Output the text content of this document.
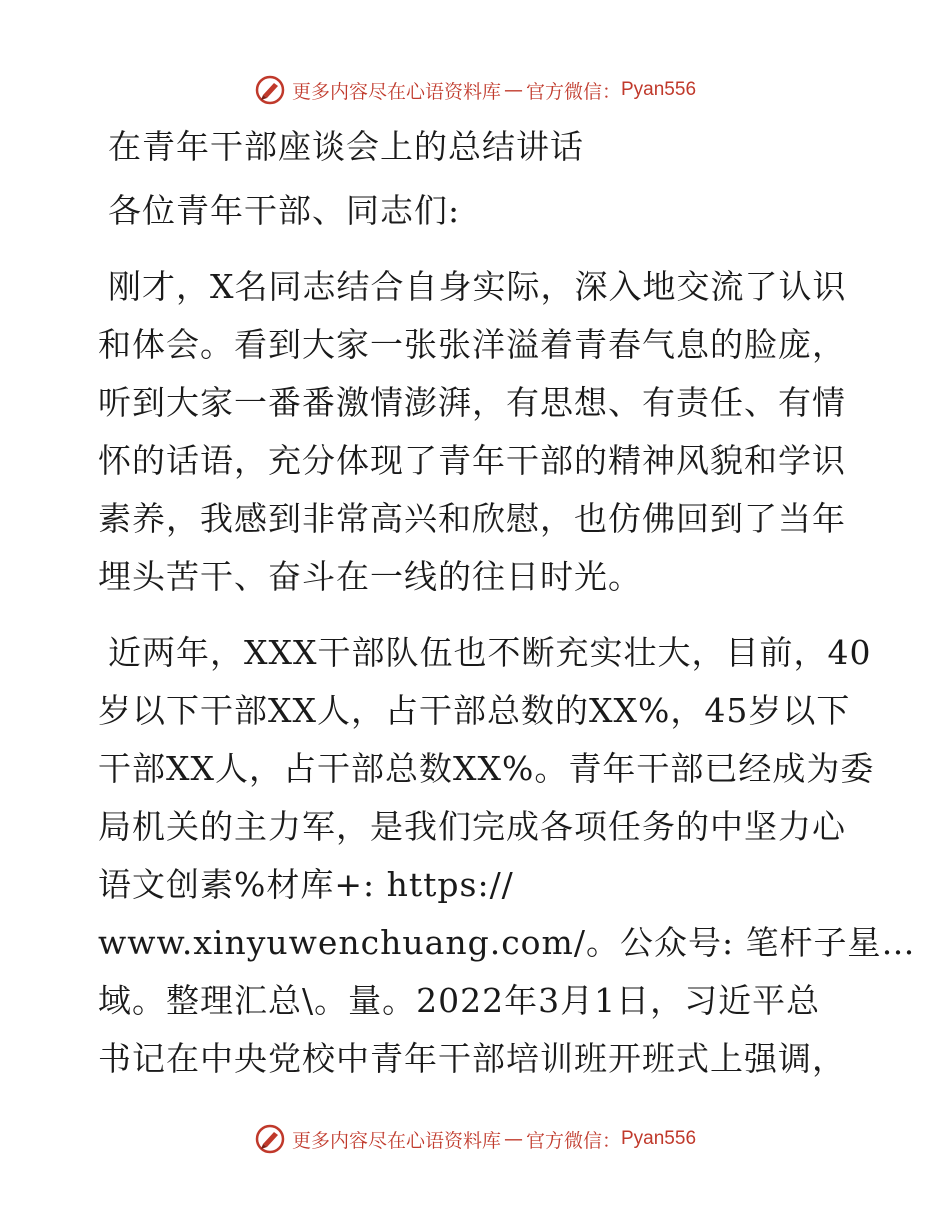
更多内容尽在心语资料库 — 官方微信： Pyan556
在青年干部座谈会上的总结讲话

各位青年干部、同志们:

刚才，X名同志结合自身实际，深入地交流了认识
和体会。看到大家一张张洋溢着青春气息的脸庞，
听到大家一番番激情澎湃，有思想、有责任、有情
怀的话语，充分体现了青年干部的精神风貌和学识
素养，我感到非常高兴和欣慰，也仿佛回到了当年
埋头苦干、奋斗在一线的往日时光。

近两年，XXX干部队伍也不断充实壮大，目前，40
岁以下干部XX人，占干部总数的XX%，45岁以下
干部XX人，占干部总数XX%。青年干部已经成为委
局机关的主力军，是我们完成各项任务的中坚力心
语文创素%材库+: https://
www.xinyuwenchuang.com/。公众号: 笔杆子星…
域。整理汇总\。量。2022年3月1日，习近平总
书记在中央党校中青年干部培训班开班式上强调，

更多内容尽在心语资料库 — 官方微信： Pyan556
